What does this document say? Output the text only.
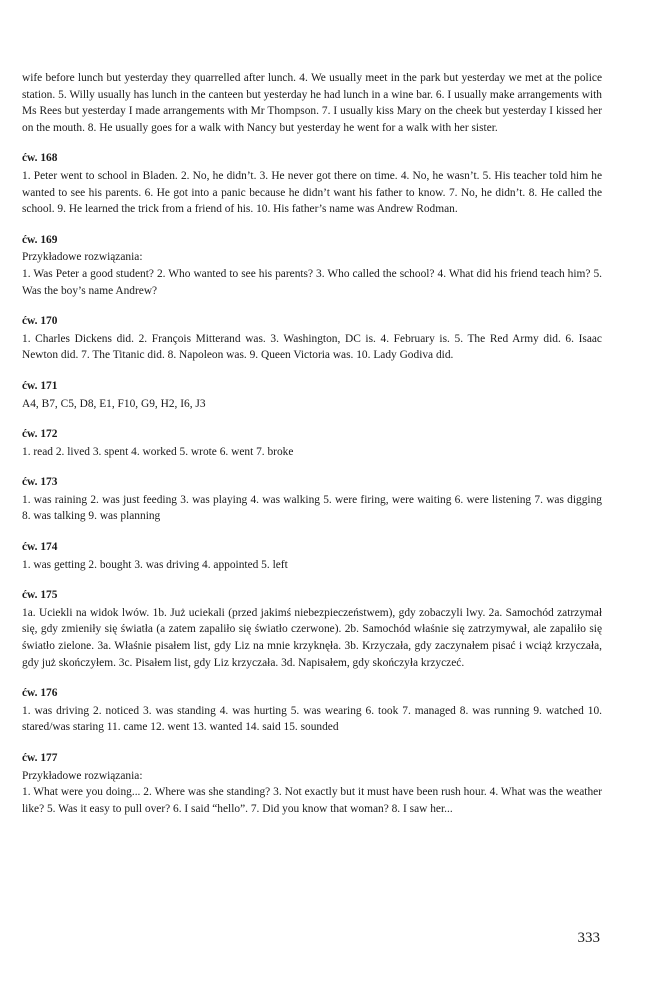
wife before lunch but yesterday they quarrelled after lunch. 4. We usually meet in the park but yesterday we met at the police station. 5. Willy usually has lunch in the canteen but yesterday he had lunch in a wine bar. 6. I usually make arrangements with Ms Rees but yesterday I made arrangements with Mr Thompson. 7. I usually kiss Mary on the cheek but yesterday I kissed her on the mouth. 8. He usually goes for a walk with Nancy but yesterday he went for a walk with her sister.

ćw. 168

1. Peter went to school in Bladen. 2. No, he didn’t. 3. He never got there on time. 4. No, he wasn’t. 5. His teacher told him he wanted to see his parents. 6. He got into a panic because he didn’t want his father to know. 7. No, he didn’t. 8. He called the school. 9. He learned the trick from a friend of his. 10. His father’s name was Andrew Rodman.

ćw. 169

Przykładowe rozwiązania:

1. Was Peter a good student? 2. Who wanted to see his parents? 3. Who called the school? 4. What did his friend teach him? 5. Was the boy’s name Andrew?

ćw. 170

1. Charles Dickens did. 2. François Mitterand was. 3. Washington, DC is. 4. February is. 5. The Red Army did. 6. Isaac Newton did. 7. The Titanic did. 8. Napoleon was. 9. Queen Victoria was. 10. Lady Godiva did.

ćw. 171

A4, B7, C5, D8, E1, F10, G9, H2, I6, J3

ćw. 172

1. read 2. lived 3. spent 4. worked 5. wrote 6. went 7. broke

ćw. 173

1. was raining 2. was just feeding 3. was playing 4. was walking 5. were firing, were waiting 6. were listening 7. was digging 8. was talking 9. was planning

ćw. 174

1. was getting 2. bought 3. was driving 4. appointed 5. left

ćw. 175

1a. Uciekli na widok lwów. 1b. Już uciekali (przed jakimś niebezpieczeństwem), gdy zobaczyli lwy. 2a. Samochód zatrzymał się, gdy zmieniły się światła (a zatem zapaliło się światło czerwone). 2b. Samochód właśnie się zatrzymywał, ale zapaliło się światło zielone. 3a. Właśnie pisałem list, gdy Liz na mnie krzyknęła. 3b. Krzyczała, gdy zaczynałem pisać i wciąż krzyczała, gdy już skończyłem. 3c. Pisałem list, gdy Liz krzyczała. 3d. Napisałem, gdy skończyła krzyczeć.

ćw. 176

1. was driving 2. noticed 3. was standing 4. was hurting 5. was wearing 6. took 7. managed 8. was running 9. watched 10. stared/was staring 11. came 12. went 13. wanted 14. said 15. sounded

ćw. 177

Przykładowe rozwiązania:

1. What were you doing... 2. Where was she standing? 3. Not exactly but it must have been rush hour. 4. What was the weather like? 5. Was it easy to pull over? 6. I said “hello”. 7. Did you know that woman? 8. I saw her...

333
